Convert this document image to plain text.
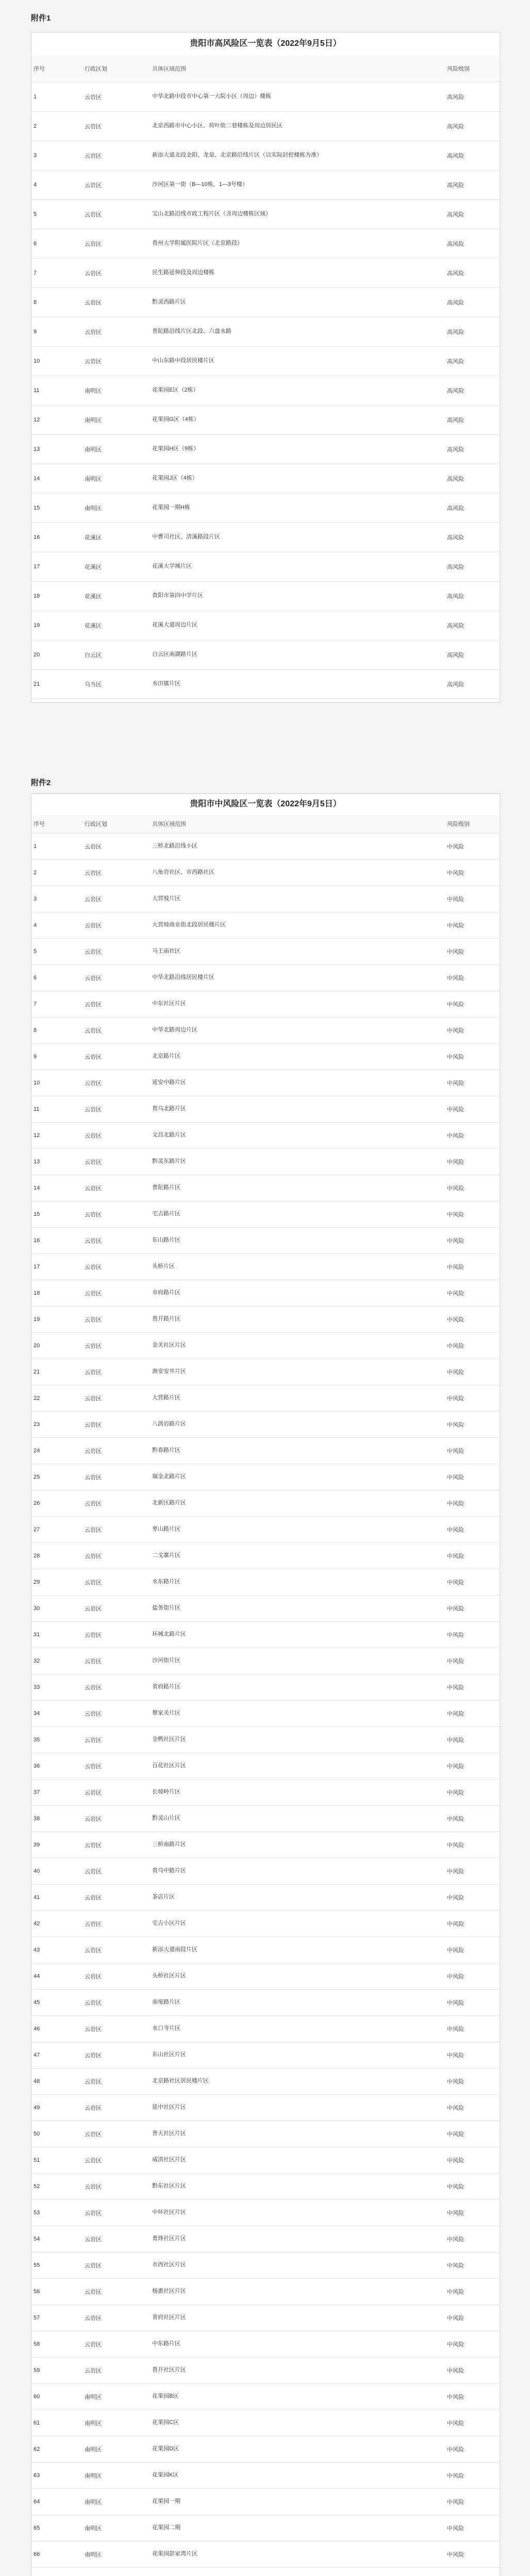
附件1
贵阳市高风险区一览表（2022年9月5日）
序号	行政区划	具体区域范围	风险级别
1	云岩区	中华北路中段市中心第一大院小区（周边）楼栋	高风险
2	云岩区	北京西路市中心小区、荷叶街二巷楼栋及周边居民区	高风险
3	云岩区	新添大道北段金阳、龙泉、北京路沿线片区（以实际封控楼栋为准）	高风险
4	云岩区	沙河区第一街（B—10栋，1—3号楼）	高风险
5	云岩区	宝山北路沿线市政工程片区（含周边楼栋区域）	高风险
6	云岩区	贵州大学附属医院片区（北京路段）	高风险
7	云岩区	民生路延伸段及周边楼栋	高风险
8	云岩区	黔灵西路片区	高风险
9	云岩区	普陀路沿线片区北段、六盘水路	高风险
10	云岩区	中山东路中段居民楼片区	高风险
11	南明区	花果园E区（2栋）	高风险
12	南明区	花果园G区（4栋）	高风险
13	南明区	花果园H区（9栋）	高风险
14	南明区	花果园J区（4栋）	高风险
15	南明区	花果园一期H栋	高风险
16	花溪区	中曹司社区、清溪路段片区	高风险
17	花溪区	花溪大学城片区	高风险
18	花溪区	贵阳市第四中学片区	高风险
19	花溪区	花溪大道周边片区	高风险
20	白云区	白云区南湖路片区	高风险
21	乌当区	水田镇片区	高风险
附件2
贵阳市中风险区一览表（2022年9月5日）
序号	行政区划	具体区域范围	风险级别
1	云岩区	三桥北路沿线小区	中风险
2	云岩区	八角岩社区、市西路社区	中风险
3	云岩区	大营坡片区	中风险
4	云岩区	大营坡商业街北段居民楼片区	中风险
5	云岩区	马王庙社区	中风险
6	云岩区	中华北路沿线居民楼片区	中风险
7	云岩区	中东社区片区	中风险
8	云岩区	中华北路周边片区	中风险
9	云岩区	北京路片区	中风险
10	云岩区	延安中路片区	中风险
11	云岩区	贵乌北路片区	中风险
12	云岩区	文昌北路片区	中风险
13	云岩区	黔灵东路片区	中风险
14	云岩区	普陀路片区	中风险
15	云岩区	宅吉路片区	中风险
16	云岩区	东山路片区	中风险
17	云岩区	头桥片区	中风险
18	云岩区	市府路片区	中风险
19	云岩区	贵开路片区	中风险
20	云岩区	金关社区片区	中风险
21	云岩区	渔安安井片区	中风险
22	云岩区	大营路片区	中风险
23	云岩区	八鸽岩路片区	中风险
24	云岩区	黔春路片区	中风险
25	云岩区	瑞金北路片区	中风险
26	云岩区	北新区路片区	中风险
27	云岩区	枣山路片区	中风险
28	云岩区	二戈寨片区	中风险
29	云岩区	水东路片区	中风险
30	云岩区	盐务街片区	中风险
31	云岩区	环城北路片区	中风险
32	云岩区	沙河街片区	中风险
33	云岩区	省府路片区	中风险
34	云岩区	蔡家关片区	中风险
35	云岩区	金鸭社区片区	中风险
36	云岩区	百花社区片区	中风险
37	云岩区	长坡岭片区	中风险
38	云岩区	黔灵山片区	中风险
39	云岩区	三桥南路片区	中风险
40	云岩区	贵乌中路片区	中风险
41	云岩区	茶店片区	中风险
42	云岩区	宅吉小区片区	中风险
43	云岩区	新添大道南段片区	中风险
44	云岩区	头桥社区片区	中风险
45	云岩区	南垭路片区	中风险
46	云岩区	水口寺片区	中风险
47	云岩区	东山社区片区	中风险
48	云岩区	北京路社区居民楼片区	中风险
49	云岩区	延中社区片区	中风险
50	云岩区	普天社区片区	中风险
51	云岩区	威清社区片区	中风险
52	云岩区	黔东社区片区	中风险
53	云岩区	中环社区片区	中风险
54	云岩区	勇烽社区片区	中风险
55	云岩区	市西社区片区	中风险
56	云岩区	杨惠社区片区	中风险
57	云岩区	省府社区片区	中风险
58	云岩区	中东路片区	中风险
59	云岩区	贵开社区片区	中风险
60	南明区	花果园B区	中风险
61	南明区	花果园C区	中风险
62	南明区	花果园D区	中风险
63	南明区	花果园K区	中风险
64	南明区	花果园一期	中风险
65	南明区	花果园二期	中风险
66	南明区	花果园彭家湾片区	中风险
